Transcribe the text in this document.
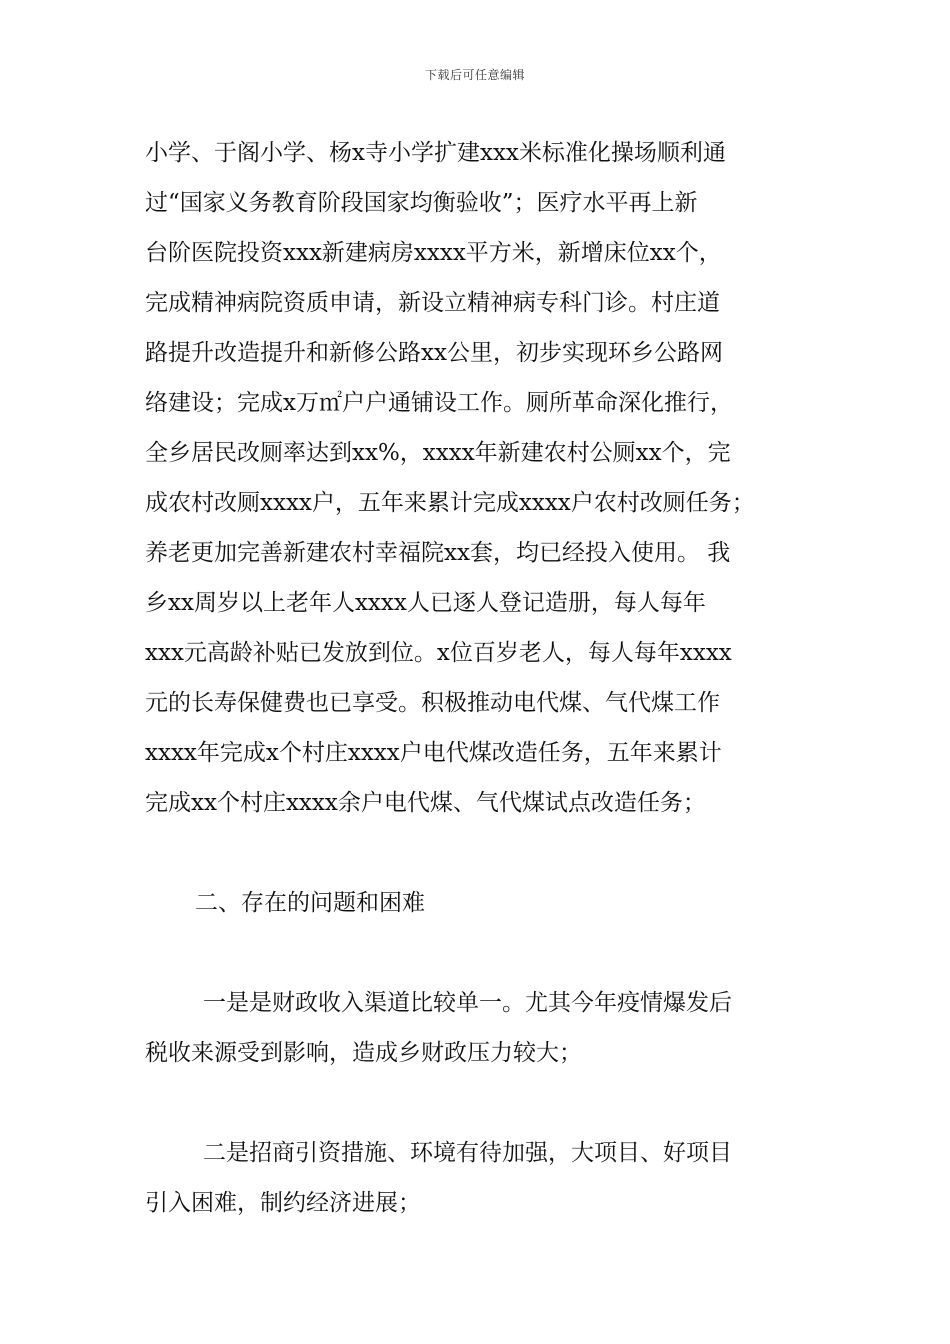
下载后可任意编辑
小学、于阁小学、杨x寺小学扩建xxx米标准化操场顺利通
过“国家义务教育阶段国家均衡验收”；医疗水平再上新
台阶医院投资xxx新建病房xxxx平方米，新增床位xx个，
完成精神病院资质申请，新设立精神病专科门诊。村庄道
路提升改造提升和新修公路xx公里，初步实现环乡公路网
络建设；完成x万㎡户户通铺设工作。厕所革命深化推行，
全乡居民改厕率达到xx%，xxxx年新建农村公厕xx个，完
成农村改厕xxxx户，五年来累计完成xxxx户农村改厕任务；
养老更加完善新建农村幸福院xx套，均已经投入使用。 我
乡xx周岁以上老年人xxxx人已逐人登记造册，每人每年
xxx元高龄补贴已发放到位。x位百岁老人，每人每年xxxx
元的长寿保健费也已享受。积极推动电代煤、气代煤工作
xxxx年完成x个村庄xxxx户电代煤改造任务，五年来累计
完成xx个村庄xxxx余户电代煤、气代煤试点改造任务；
二、存在的问题和困难
一是是财政收入渠道比较单一。尤其今年疫情爆发后
税收来源受到影响，造成乡财政压力较大；
二是招商引资措施、环境有待加强，大项目、好项目
引入困难，制约经济进展；
